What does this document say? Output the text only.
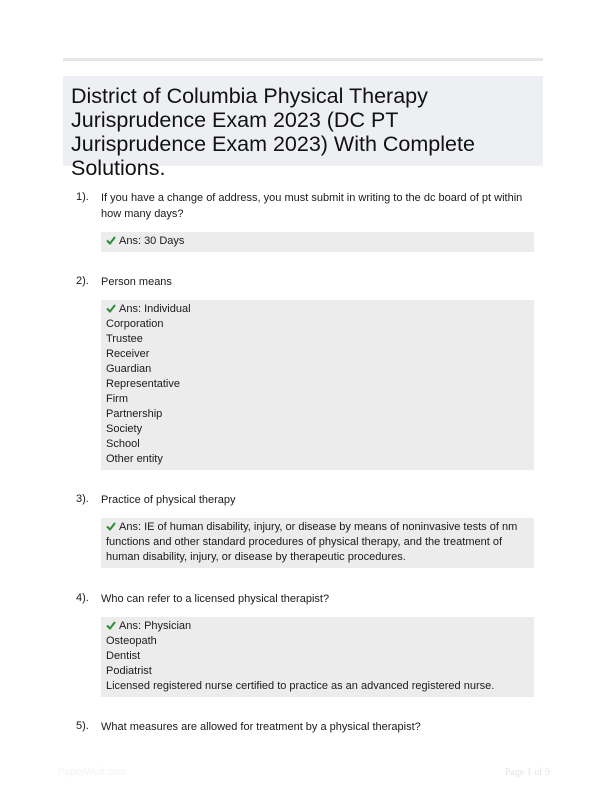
District of Columbia Physical Therapy Jurisprudence Exam 2023 (DC PT Jurisprudence Exam 2023) With Complete Solutions.
1). If you have a change of address, you must submit in writing to the dc board of pt within how many days?
Ans: 30 Days
2). Person means
Ans: Individual
Corporation
Trustee
Receiver
Guardian
Representative
Firm
Partnership
Society
School
Other entity
3). Practice of physical therapy
Ans: IE of human disability, injury, or disease by means of noninvasive tests of nm functions and other standard procedures of physical therapy, and the treatment of human disability, injury, or disease by therapeutic procedures.
4). Who can refer to a licensed physical therapist?
Ans: Physician
Osteopath
Dentist
Podiatrist
Licensed registered nurse certified to practice as an advanced registered nurse.
5). What measures are allowed for treatment by a physical therapist?
PaperWolf.com	Page 1 of 9
